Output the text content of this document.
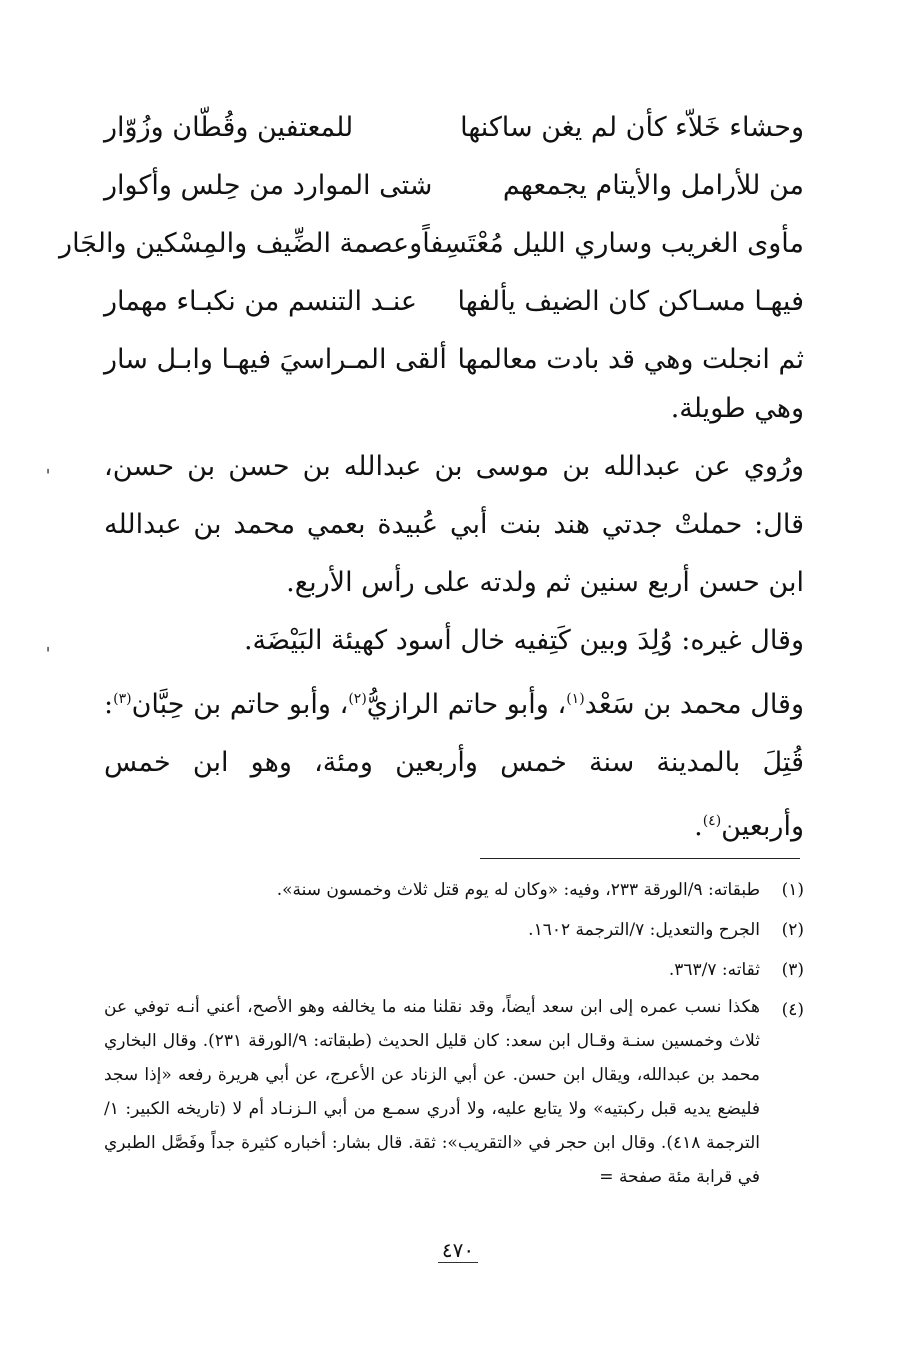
وحشاء خَلاّء كأن لم يغن ساكنها
للمعتفين وقُطّان وزُوّار
من للأرامل والأيتام يجمعهم
شتى الموارد من حِلس وأكوار
مأوى الغريب وساري الليل مُعْتَسِفاً
وعصمة الضِّيف والمِسْكين والجَار
فيهـا مسـاكن كان الضيف يألفها
عنـد التنسم من نكبـاء مهمار
ثم انجلت وهي قد بادت معالمها
ألقى المـراسيَ فيهـا وابـل سار
وهي طويلة.
ˌ
ˌ
ورُوي عن عبدالله بن موسى بن عبدالله بن حسن بن حسن، قال: حملتْ جدتي هند بنت أبي عُبيدة بعمي محمد بن عبدالله ابن حسن أربع سنين ثم ولدته على رأس الأربع.
وقال غيره: وُلِدَ وبين كَتِفيه خال أسود كهيئة البَيْضَة.
وقال محمد بن سَعْد$^{(١)}$، وأبو حاتم الرازيُّ$^{(٢)}$، وأبو حاتم بن حِبَّان$^{(٣)}$: قُتِلَ بالمدينة سنة خمس وأربعين ومئة، وهو ابن خمس وأربعين$^{(٤)}$.
(١)
طبقاته: ٩/الورقة ٢٣٣، وفيه: «وكان له يوم قتل ثلاث وخمسون سنة».
(٢)
الجرح والتعديل: ٧/الترجمة ١٦٠٢.
(٣)
ثقاته: ٣٦٣/٧.
(٤)
هكذا نسب عمره إلى ابن سعد أيضاً، وقد نقلنا منه ما يخالفه وهو الأصح، أعني أنـه توفي عن ثلاث وخمسين سنـة وقـال ابن سعد: كان قليل الحديث (طبقاته: ٩/الورقة ٢٣١). وقال البخاري محمد بن عبدالله، ويقال ابن حسن. عن أبي الزناد عن الأعرج، عن أبي هريرة رفعه «إذا سجد فليضع يديه قبل ركبتيه» ولا يتابع عليه، ولا أدري سمـع من أبي الـزنـاد أم لا (تاريخه الكبير: ١/الترجمة ٤١٨). وقال ابن حجر في «التقريب»: ثقة. قال بشار: أخباره كثيرة جداً وفَصَّل الطبري في قرابة مئة صفحة =
٤٧٠
